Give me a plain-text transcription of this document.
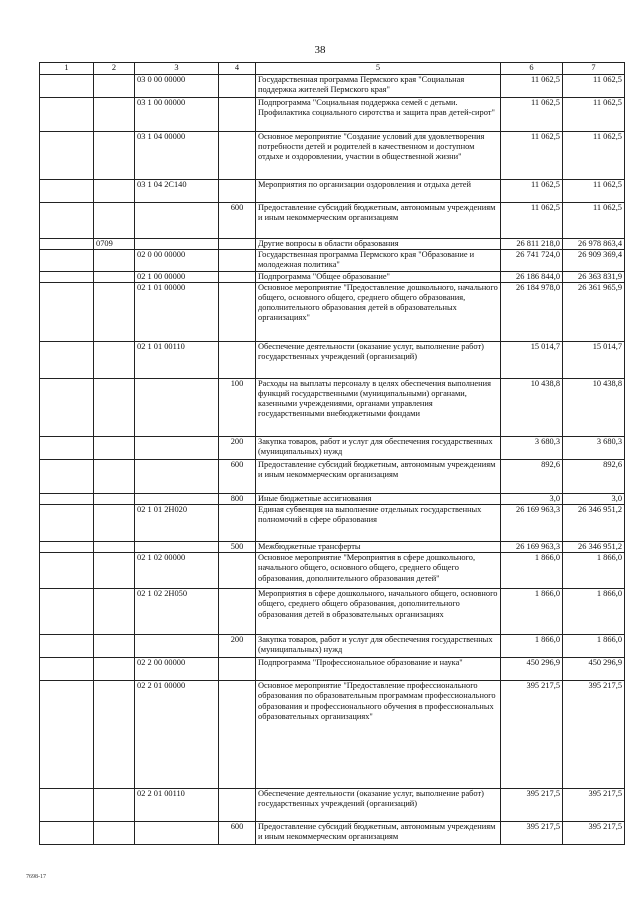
38
1	2	3	4	5	6	7
		03 0 00 00000		Государственная программа Пермского края "Социальная поддержка жителей Пермского края"	11 062,5	11 062,5
		03 1 00 00000		Подпрограмма "Социальная поддержка семей с детьми. Профилактика социального сиротства и защита прав детей-сирот"	11 062,5	11 062,5
		03 1 04 00000		Основное мероприятие "Создание условий для удовлетворения потребности детей и родителей в качественном и доступном отдыхе и оздоровлении, участии в общественной жизни"	11 062,5	11 062,5
		03 1 04 2С140		Мероприятия по организации оздоровления и отдыха детей	11 062,5	11 062,5
			600	Предоставление субсидий бюджетным, автономным учреждениям и иным некоммерческим организациям	11 062,5	11 062,5
	0709			Другие вопросы в области образования	26 811 218,0	26 978 863,4
		02 0 00 00000		Государственная программа Пермского края "Образование и молодежная политика"	26 741 724,0	26 909 369,4
		02 1 00 00000		Подпрограмма "Общее образование"	26 186 844,0	26 363 831,9
		02 1 01 00000		Основное мероприятие "Предоставление дошкольного, начального общего, основного общего, среднего общего образования, дополнительного образования детей в образовательных организациях"	26 184 978,0	26 361 965,9
		02 1 01 00110		Обеспечение деятельности (оказание услуг, выполнение работ) государственных учреждений (организаций)	15 014,7	15 014,7
			100	Расходы на выплаты персоналу в целях обеспечения выполнения функций государственными (муниципальными) органами, казенными учреждениями, органами управления государственными внебюджетными фондами	10 438,8	10 438,8
			200	Закупка товаров, работ и услуг для обеспечения государственных (муниципальных) нужд	3 680,3	3 680,3
			600	Предоставление субсидий бюджетным, автономным учреждениям и иным некоммерческим организациям	892,6	892,6
			800	Иные бюджетные ассигнования	3,0	3,0
		02 1 01 2Н020		Единая субвенция на выполнение отдельных государственных полномочий в сфере образования	26 169 963,3	26 346 951,2
			500	Межбюджетные трансферты	26 169 963,3	26 346 951,2
		02 1 02 00000		Основное мероприятие "Мероприятия в сфере дошкольного, начального общего, основного общего, среднего общего образования, дополнительного образования детей"	1 866,0	1 866,0
		02 1 02 2Н050		Мероприятия в сфере дошкольного, начального общего, основного общего, среднего общего образования, дополнительного образования детей в образовательных организациях	1 866,0	1 866,0
			200	Закупка товаров, работ и услуг для обеспечения государственных (муниципальных) нужд	1 866,0	1 866,0
		02 2 00 00000		Подпрограмма "Профессиональное образование и наука"	450 296,9	450 296,9
		02 2 01 00000		Основное мероприятие "Предоставление профессионального образования по образовательным программам профессионального образования и профессионального обучения в профессиональных образовательных организациях"	395 217,5	395 217,5
		02 2 01 00110		Обеспечение деятельности (оказание услуг, выполнение работ) государственных учреждений (организаций)	395 217,5	395 217,5
			600	Предоставление субсидий бюджетным, автономным учреждениям и иным некоммерческим организациям	395 217,5	395 217,5
7698-17
